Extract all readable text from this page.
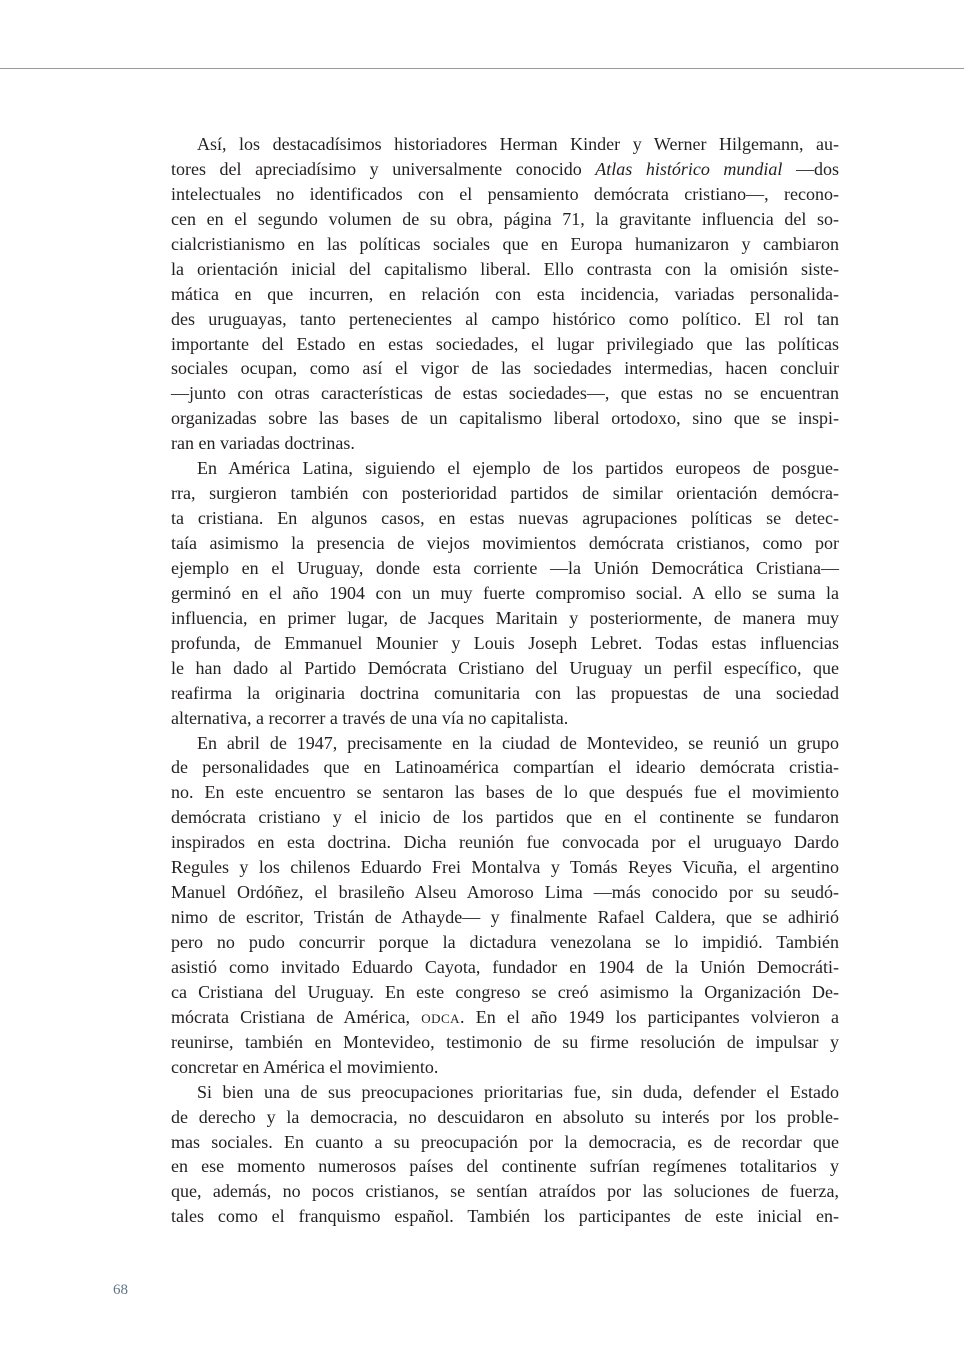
Así, los destacadísimos historiadores Herman Kinder y Werner Hilgemann, au-
tores del apreciadísimo y universalmente conocido Atlas histórico mundial —dos
intelectuales no identificados con el pensamiento demócrata cristiano—, recono-
cen en el segundo volumen de su obra, página 71, la gravitante influencia del so-
cialcristianismo en las políticas sociales que en Europa humanizaron y cambiaron
la orientación inicial del capitalismo liberal. Ello contrasta con la omisión siste-
mática en que incurren, en relación con esta incidencia, variadas personalida-
des uruguayas, tanto pertenecientes al campo histórico como político. El rol tan
importante del Estado en estas sociedades, el lugar privilegiado que las políticas
sociales ocupan, como así el vigor de las sociedades intermedias, hacen concluir
—junto con otras características de estas sociedades—, que estas no se encuentran
organizadas sobre las bases de un capitalismo liberal ortodoxo, sino que se inspi-
ran en variadas doctrinas.
En América Latina, siguiendo el ejemplo de los partidos europeos de posgue-
rra, surgieron también con posterioridad partidos de similar orientación demócra-
ta cristiana. En algunos casos, en estas nuevas agrupaciones políticas se detec-
taía asimismo la presencia de viejos movimientos demócrata cristianos, como por
ejemplo en el Uruguay, donde esta corriente —la Unión Democrática Cristiana—
germinó en el año 1904 con un muy fuerte compromiso social. A ello se suma la
influencia, en primer lugar, de Jacques Maritain y posteriormente, de manera muy
profunda, de Emmanuel Mounier y Louis Joseph Lebret. Todas estas influencias
le han dado al Partido Demócrata Cristiano del Uruguay un perfil específico, que
reafirma la originaria doctrina comunitaria con las propuestas de una sociedad
alternativa, a recorrer a través de una vía no capitalista.
En abril de 1947, precisamente en la ciudad de Montevideo, se reunió un grupo
de personalidades que en Latinoamérica compartían el ideario demócrata cristia-
no. En este encuentro se sentaron las bases de lo que después fue el movimiento
demócrata cristiano y el inicio de los partidos que en el continente se fundaron
inspirados en esta doctrina. Dicha reunión fue convocada por el uruguayo Dardo
Regules y los chilenos Eduardo Frei Montalva y Tomás Reyes Vicuña, el argentino
Manuel Ordóñez, el brasileño Alseu Amoroso Lima —más conocido por su seudó-
nimo de escritor, Tristán de Athayde— y finalmente Rafael Caldera, que se adhirió
pero no pudo concurrir porque la dictadura venezolana se lo impidió. También
asistió como invitado Eduardo Cayota, fundador en 1904 de la Unión Democráti-
ca Cristiana del Uruguay. En este congreso se creó asimismo la Organización De-
mócrata Cristiana de América, odca. En el año 1949 los participantes volvieron a
reunirse, también en Montevideo, testimonio de su firme resolución de impulsar y
concretar en América el movimiento.
Si bien una de sus preocupaciones prioritarias fue, sin duda, defender el Estado
de derecho y la democracia, no descuidaron en absoluto su interés por los proble-
mas sociales. En cuanto a su preocupación por la democracia, es de recordar que
en ese momento numerosos países del continente sufrían regímenes totalitarios y
que, además, no pocos cristianos, se sentían atraídos por las soluciones de fuerza,
tales como el franquismo español. También los participantes de este inicial en-
68
